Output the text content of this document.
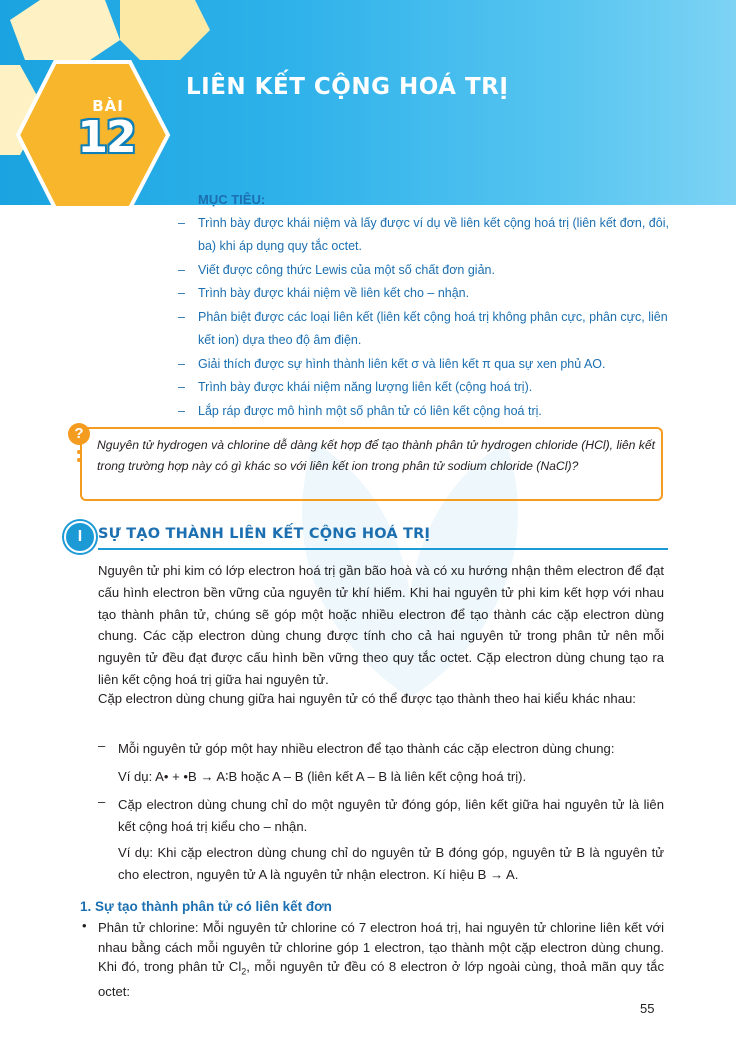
LIÊN KẾT CỘNG HOÁ TRỊ
BÀI
12
MỤC TIÊU:
– Trình bày được khái niệm và lấy được ví dụ về liên kết cộng hoá trị (liên kết đơn, đôi, ba) khi áp dụng quy tắc octet.
– Viết được công thức Lewis của một số chất đơn giản.
– Trình bày được khái niệm về liên kết cho – nhận.
– Phân biệt được các loại liên kết (liên kết cộng hoá trị không phân cực, phân cực, liên kết ion) dựa theo độ âm điện.
– Giải thích được sự hình thành liên kết σ và liên kết π qua sự xen phủ AO.
– Trình bày được khái niệm năng lượng liên kết (cộng hoá trị).
– Lắp ráp được mô hình một số phân tử có liên kết cộng hoá trị.
?
Nguyên tử hydrogen và chlorine dễ dàng kết hợp để tạo thành phân tử hydrogen chloride (HCl), liên kết trong trường hợp này có gì khác so với liên kết ion trong phân tử sodium chloride (NaCl)?
I	SỰ TẠO THÀNH LIÊN KẾT CỘNG HOÁ TRỊ
Nguyên tử phi kim có lớp electron hoá trị gần bão hoà và có xu hướng nhận thêm electron để đạt cấu hình electron bền vững của nguyên tử khí hiếm. Khi hai nguyên tử phi kim kết hợp với nhau tạo thành phân tử, chúng sẽ góp một hoặc nhiều electron để tạo thành các cặp electron dùng chung. Các cặp electron dùng chung được tính cho cả hai nguyên tử trong phân tử nên mỗi nguyên tử đều đạt được cấu hình bền vững theo quy tắc octet. Cặp electron dùng chung tạo ra liên kết cộng hoá trị giữa hai nguyên tử.
Cặp electron dùng chung giữa hai nguyên tử có thể được tạo thành theo hai kiểu khác nhau:
– Mỗi nguyên tử góp một hay nhiều electron để tạo thành các cặp electron dùng chung:
Ví dụ: A• + •B → A∶B hoặc A – B (liên kết A – B là liên kết cộng hoá trị).
– Cặp electron dùng chung chỉ do một nguyên tử đóng góp, liên kết giữa hai nguyên tử là liên kết cộng hoá trị kiểu cho – nhận.
Ví dụ: Khi cặp electron dùng chung chỉ do nguyên tử B đóng góp, nguyên tử B là nguyên tử cho electron, nguyên tử A là nguyên tử nhận electron. Kí hiệu B → A.
1. Sự tạo thành phân tử có liên kết đơn
• Phân tử chlorine: Mỗi nguyên tử chlorine có 7 electron hoá trị, hai nguyên tử chlorine liên kết với nhau bằng cách mỗi nguyên tử chlorine góp 1 electron, tạo thành một cặp electron dùng chung. Khi đó, trong phân tử $Cl_2$, mỗi nguyên tử đều có 8 electron ở lớp ngoài cùng, thoả mãn quy tắc octet:
55
